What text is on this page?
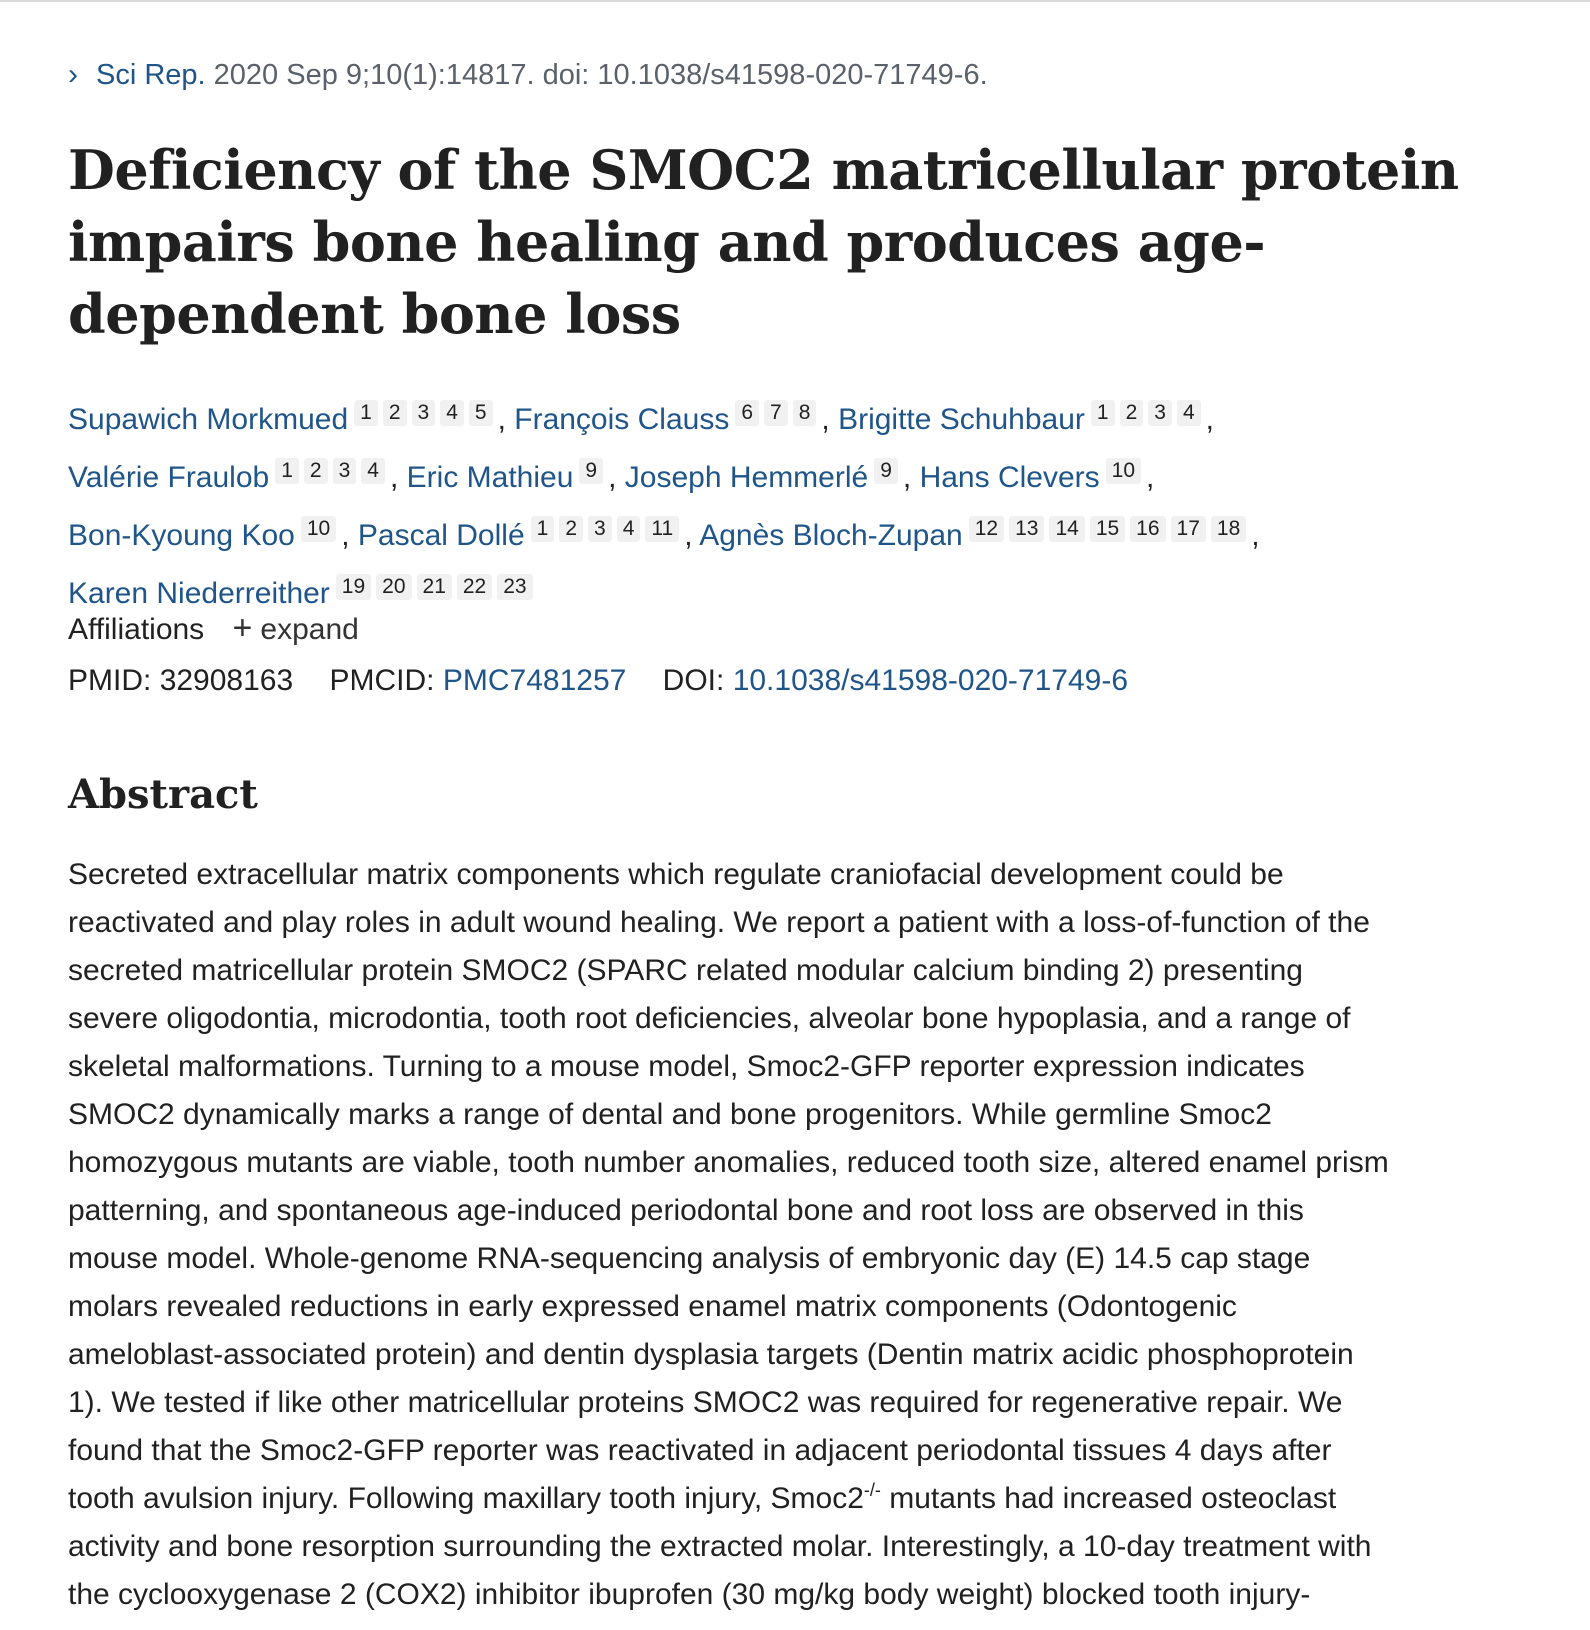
› Sci Rep. 2020 Sep 9;10(1):14817. doi: 10.1038/s41598-020-71749-6.
Deficiency of the SMOC2 matricellular protein impairs bone healing and produces age-dependent bone loss
Supawich Morkmued 1 2 3 4 5 , François Clauss 6 7 8 , Brigitte Schuhbaur 1 2 3 4 ,
Valérie Fraulob 1 2 3 4 , Eric Mathieu 9 , Joseph Hemmerlé 9 , Hans Clevers 10 ,
Bon-Kyoung Koo 10 , Pascal Dollé 1 2 3 4 11 , Agnès Bloch-Zupan 12 13 14 15 16 17 18 ,
Karen Niederreither 19 20 21 22 23
Affiliations + expand
PMID: 32908163 PMCID: PMC7481257 DOI: 10.1038/s41598-020-71749-6
Abstract
Secreted extracellular matrix components which regulate craniofacial development could be
reactivated and play roles in adult wound healing. We report a patient with a loss-of-function of the
secreted matricellular protein SMOC2 (SPARC related modular calcium binding 2) presenting
severe oligodontia, microdontia, tooth root deficiencies, alveolar bone hypoplasia, and a range of
skeletal malformations. Turning to a mouse model, Smoc2-GFP reporter expression indicates
SMOC2 dynamically marks a range of dental and bone progenitors. While germline Smoc2
homozygous mutants are viable, tooth number anomalies, reduced tooth size, altered enamel prism
patterning, and spontaneous age-induced periodontal bone and root loss are observed in this
mouse model. Whole-genome RNA-sequencing analysis of embryonic day (E) 14.5 cap stage
molars revealed reductions in early expressed enamel matrix components (Odontogenic
ameloblast-associated protein) and dentin dysplasia targets (Dentin matrix acidic phosphoprotein
1). We tested if like other matricellular proteins SMOC2 was required for regenerative repair. We
found that the Smoc2-GFP reporter was reactivated in adjacent periodontal tissues 4 days after
tooth avulsion injury. Following maxillary tooth injury, Smoc2-/- mutants had increased osteoclast
activity and bone resorption surrounding the extracted molar. Interestingly, a 10-day treatment with
the cyclooxygenase 2 (COX2) inhibitor ibuprofen (30 mg/kg body weight) blocked tooth injury-
